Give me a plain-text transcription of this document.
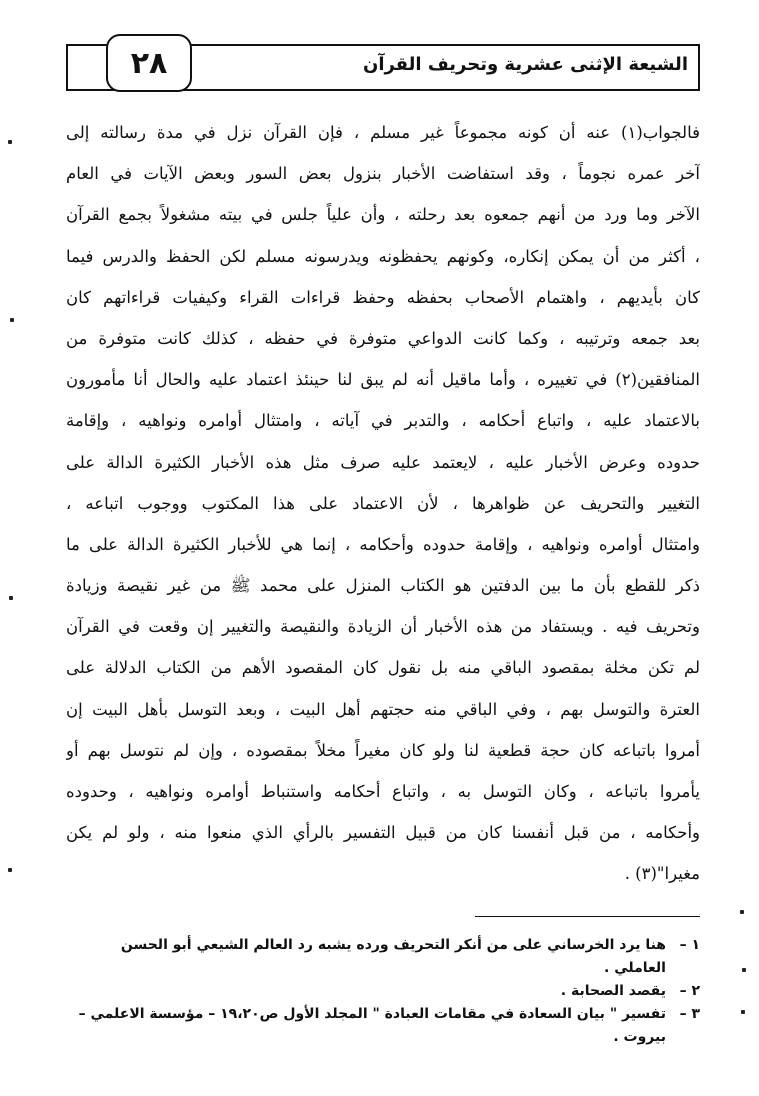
الشيعة الإثنى عشرية وتحريف القرآن
٢٨
فالجواب(١) عنه أن كونه مجموعاً غير مسلم ، فإن القرآن نزل في مدة رسالته إلى
آخر عمره نجوماً ، وقد استفاضت الأخبار بنزول بعض السور وبعض الآيات في العام
الآخر وما ورد من أنهم جمعوه بعد رحلته ، وأن علياً جلس في بيته مشغولاً بجمع القرآن
، أكثر من أن يمكن إنكاره، وكونهم يحفظونه ويدرسونه مسلم لكن الحفظ والدرس فيما
كان بأيديهم ، واهتمام الأصحاب بحفظه وحفظ قراءات القراء وكيفيات قراءاتهم كان
بعد جمعه وترتيبه ، وكما كانت الدواعي متوفرة في حفظه ، كذلك كانت متوفرة من
المنافقين(٢) في تغييره ، وأما ماقيل أنه لم يبق لنا حينئذ اعتماد عليه والحال أنا مأمورون
بالاعتماد عليه ، واتباع أحكامه ، والتدبر في آياته ، وامتثال أوامره ونواهيه ، وإقامة
حدوده وعرض الأخبار عليه ، لايعتمد عليه صرف مثل هذه الأخبار الكثيرة الدالة على
التغيير والتحريف عن ظواهرها ، لأن الاعتماد على هذا المكتوب ووجوب اتباعه ،
وامتثال أوامره ونواهيه ، وإقامة حدوده وأحكامه ، إنما هي للأخبار الكثيرة الدالة على ما
ذكر للقطع بأن ما بين الدفتين هو الكتاب المنزل على محمد ﷺ من غير نقيصة وزيادة
وتحريف فيه . ويستفاد من هذه الأخبار أن الزيادة والنقيصة والتغيير إن وقعت في القرآن
لم تكن مخلة بمقصود الباقي منه بل نقول كان المقصود الأهم من الكتاب الدلالة على
العترة والتوسل بهم ، وفي الباقي منه حجتهم أهل البيت ، وبعد التوسل بأهل البيت إن
أمروا باتباعه كان حجة قطعية لنا ولو كان مغيراً مخلاً بمقصوده ، وإن لم نتوسل بهم أو
يأمروا باتباعه ، وكان التوسل به ، واتباع أحكامه واستنباط أوامره ونواهيه ، وحدوده
وأحكامه ، من قبل أنفسنا كان من قبيل التفسير بالرأي الذي منعوا منه ، ولو لم يكن
مغيرا"(٣) .
١ –
هنا يرد الخرساني على من أنكر التحريف ورده يشبه رد العالم الشيعي أبو الحسن العاملي .
٢ –
يقصد الصحابة .
٣ –
تفسير " بيان السعادة في مقامات العبادة " المجلد الأول ص١٩،٢٠ – مؤسسة الاعلمي –
بيروت .
